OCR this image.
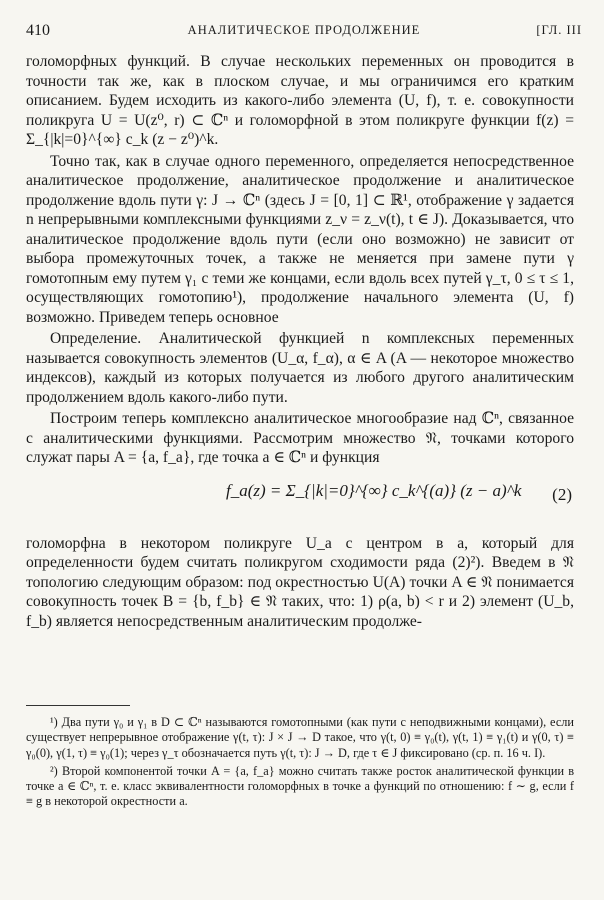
410	АНАЛИТИЧЕСКОЕ ПРОДОЛЖЕНИЕ	[ГЛ. III

голоморфных функций. В случае нескольких переменных он проводится в точности так же, как в плоском случае, и мы ограничимся его кратким описанием. Будем исходить из какого-либо элемента (U, f), т. е. совокупности поликруга U = U(z⁰, r) ⊂ ℂⁿ и голоморфной в этом поликруге функции f(z) = Σ_{|k|=0}^{∞} c_k (z − z⁰)^k.

Точно так, как в случае одного переменного, определяется непосредственное аналитическое продолжение, аналитическое продолжение и аналитическое продолжение вдоль пути γ: J → ℂⁿ (здесь J = [0, 1] ⊂ ℝ¹, отображение γ задается n непрерывными комплексными функциями z_ν = z_ν(t), t ∈ J). Доказывается, что аналитическое продолжение вдоль пути (если оно возможно) не зависит от выбора промежуточных точек, а также не меняется при замене пути γ гомотопным ему путем γ₁ с теми же концами, если вдоль всех путей γ_τ, 0 ≤ τ ≤ 1, осуществляющих гомотопию¹), продолжение начального элемента (U, f) возможно. Приведем теперь основное

Определение. Аналитической функцией n комплексных переменных называется совокупность элементов (U_α, f_α), α ∈ A (A — некоторое множество индексов), каждый из которых получается из любого другого аналитическим продолжением вдоль какого-либо пути.

Построим теперь комплексно аналитическое многообразие над ℂⁿ, связанное с аналитическими функциями. Рассмотрим множество 𝔑, точками которого служат пары A = {a, f_a}, где точка a ∈ ℂⁿ и функция

f_a(z) = Σ_{|k|=0}^{∞} c_k^{(a)} (z − a)^k (2)

голоморфна в некотором поликруге U_a с центром в a, который для определенности будем считать поликругом сходимости ряда (2)²). Введем в 𝔑 топологию следующим образом: под окрестностью U(A) точки A ∈ 𝔑 понимается совокупность точек B = {b, f_b} ∈ 𝔑 таких, что: 1) ρ(a, b) < r и 2) элемент (U_b, f_b) является непосредственным аналитическим продолже-

¹) Два пути γ₀ и γ₁ в D ⊂ ℂⁿ называются гомотопными (как пути с неподвижными концами), если существует непрерывное отображение γ(t, τ): J × J → D такое, что γ(t, 0) ≡ γ₀(t), γ(t, 1) ≡ γ₁(t) и γ(0, τ) ≡ γ₀(0), γ(1, τ) ≡ γ₀(1); через γ_τ обозначается путь γ(t, τ): J → D, где τ ∈ J фиксировано (ср. п. 16 ч. I).

²) Второй компонентой точки A = {a, f_a} можно считать также росток аналитической функции в точке a ∈ ℂⁿ, т. е. класс эквивалентности голоморфных в точке a функций по отношению: f ∼ g, если f ≡ g в некоторой окрестности a.
